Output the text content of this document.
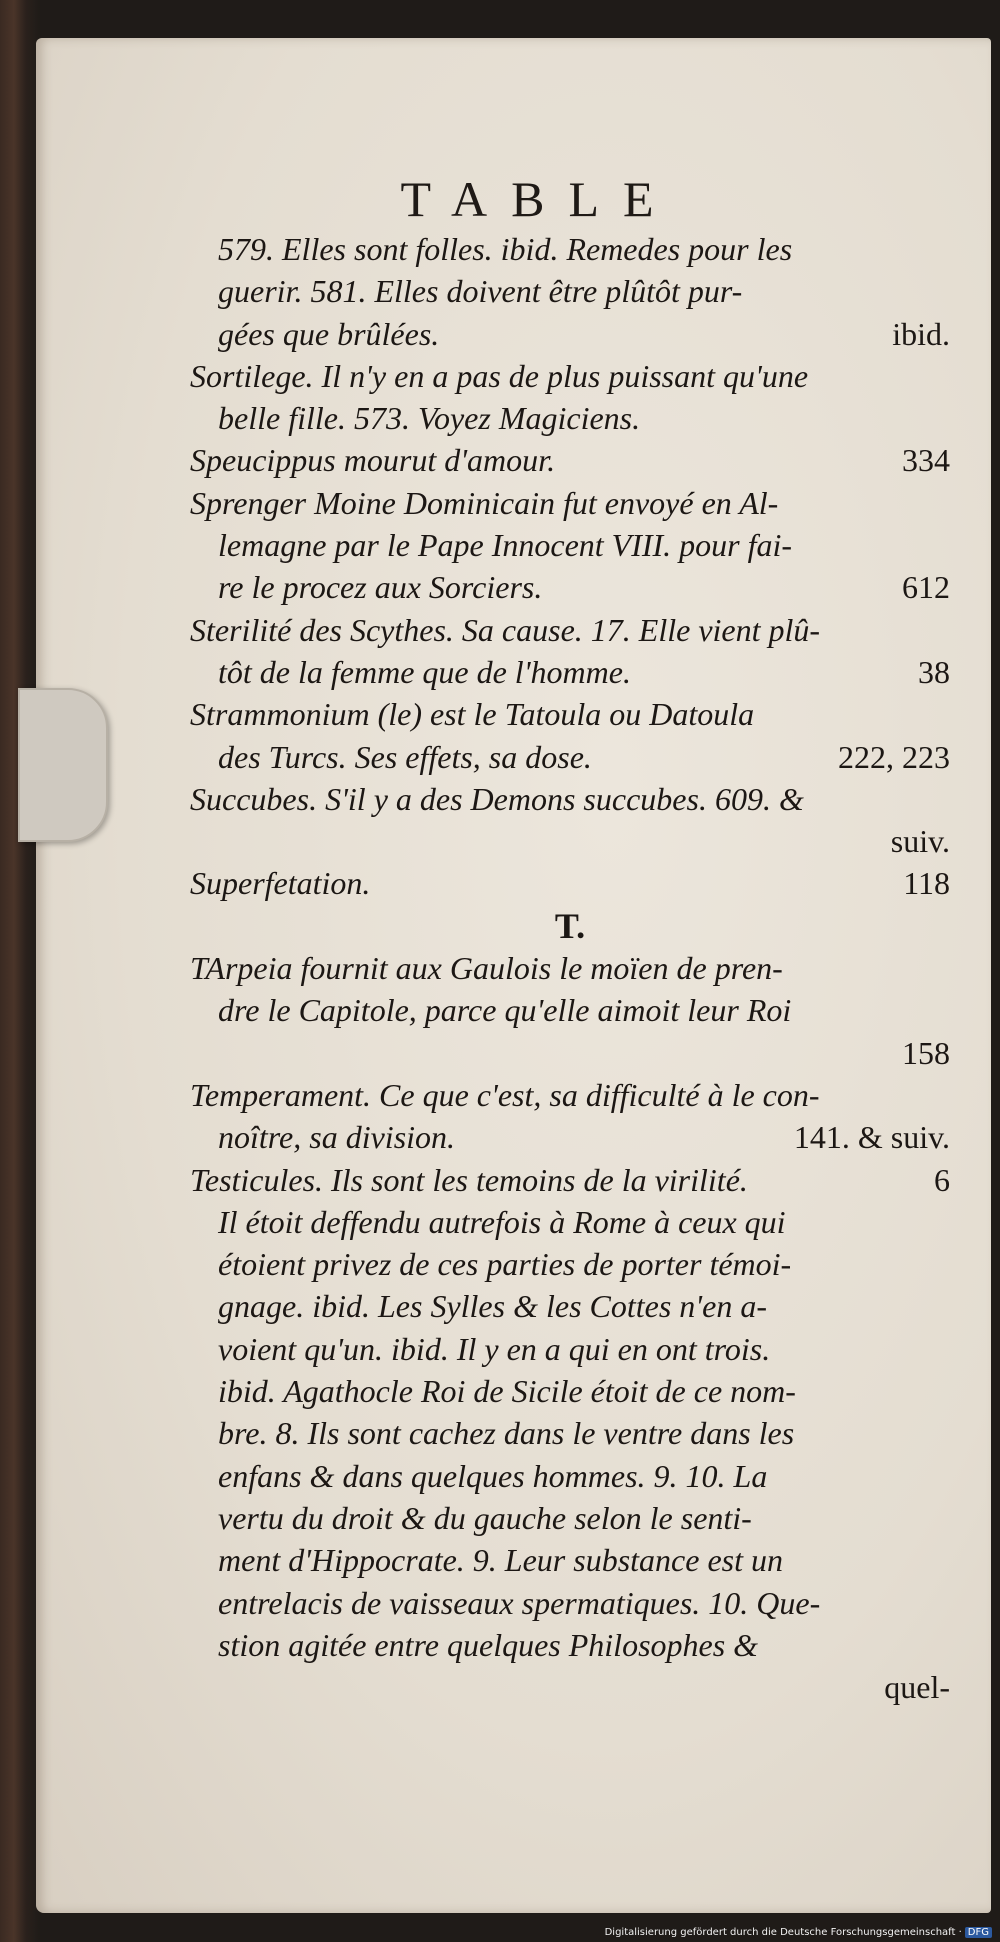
TABLE
579. Elles sont folles. ibid. Remedes pour les
guerir. 581. Elles doivent être plûtôt pur-
gées que brûlées.	ibid.
Sortilege. Il n'y en a pas de plus puissant qu'une
belle fille. 573. Voyez Magiciens.
Speucippus mourut d'amour.	334
Sprenger Moine Dominicain fut envoyé en Al-
lemagne par le Pape Innocent VIII. pour fai-
re le procez aux Sorciers.	612
Sterilité des Scythes. Sa cause. 17. Elle vient plû-
tôt de la femme que de l'homme.	38
Strammonium (le) est le Tatoula ou Datoula
des Turcs. Ses effets, sa dose.	222, 223
Succubes. S'il y a des Demons succubes. 609. &
suiv.
Superfetation.	118
T.
TArpeia fournit aux Gaulois le moïen de pren-
dre le Capitole, parce qu'elle aimoit leur Roi
158
Temperament. Ce que c'est, sa difficulté à le con-
noître, sa division.	141. & suiv.
Testicules. Ils sont les temoins de la virilité.	6
Il étoit deffendu autrefois à Rome à ceux qui
étoient privez de ces parties de porter témoi-
gnage. ibid. Les Sylles & les Cottes n'en a-
voient qu'un. ibid. Il y en a qui en ont trois.
ibid. Agathocle Roi de Sicile étoit de ce nom-
bre. 8. Ils sont cachez dans le ventre dans les
enfans & dans quelques hommes. 9. 10. La
vertu du droit & du gauche selon le senti-
ment d'Hippocrate. 9. Leur substance est un
entrelacis de vaisseaux spermatiques. 10. Que-
stion agitée entre quelques Philosophes &
quel-
Digitalisierung gefördert durch die Deutsche Forschungsgemeinschaft · DFG
